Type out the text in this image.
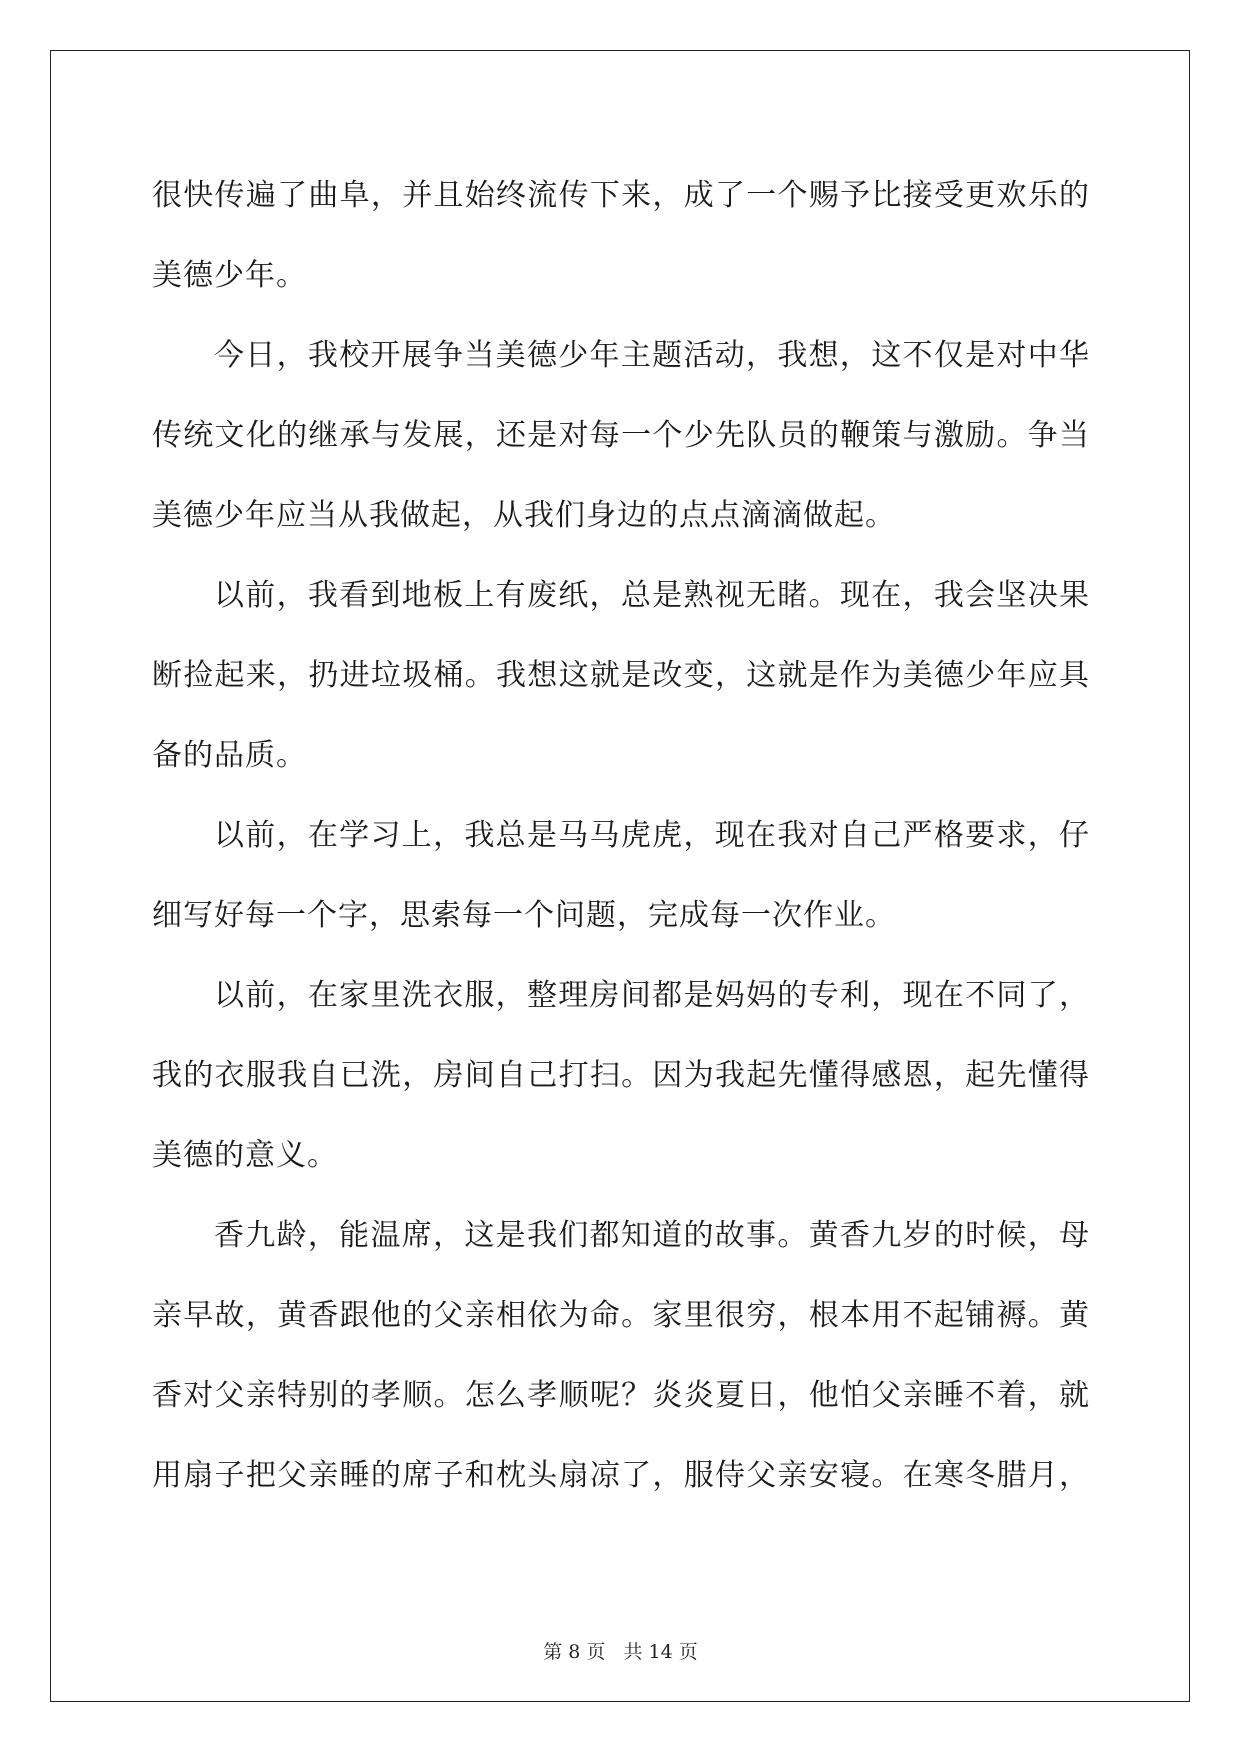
很快传遍了曲阜，并且始终流传下来，成了一个赐予比接受更欢乐的
美德少年。
今日，我校开展争当美德少年主题活动，我想，这不仅是对中华
传统文化的继承与发展，还是对每一个少先队员的鞭策与激励。争当
美德少年应当从我做起，从我们身边的点点滴滴做起。
以前，我看到地板上有废纸，总是熟视无睹。现在，我会坚决果
断捡起来，扔进垃圾桶。我想这就是改变，这就是作为美德少年应具
备的品质。
以前，在学习上，我总是马马虎虎，现在我对自己严格要求，仔
细写好每一个字，思索每一个问题，完成每一次作业。
以前，在家里洗衣服，整理房间都是妈妈的专利，现在不同了，
我的衣服我自已洗，房间自己打扫。因为我起先懂得感恩，起先懂得
美德的意义。
香九龄，能温席，这是我们都知道的故事。黄香九岁的时候，母
亲早故，黄香跟他的父亲相依为命。家里很穷，根本用不起铺褥。黄
香对父亲特别的孝顺。怎么孝顺呢？炎炎夏日，他怕父亲睡不着，就
用扇子把父亲睡的席子和枕头扇凉了，服侍父亲安寝。在寒冬腊月，
第 8 页 共 14 页
